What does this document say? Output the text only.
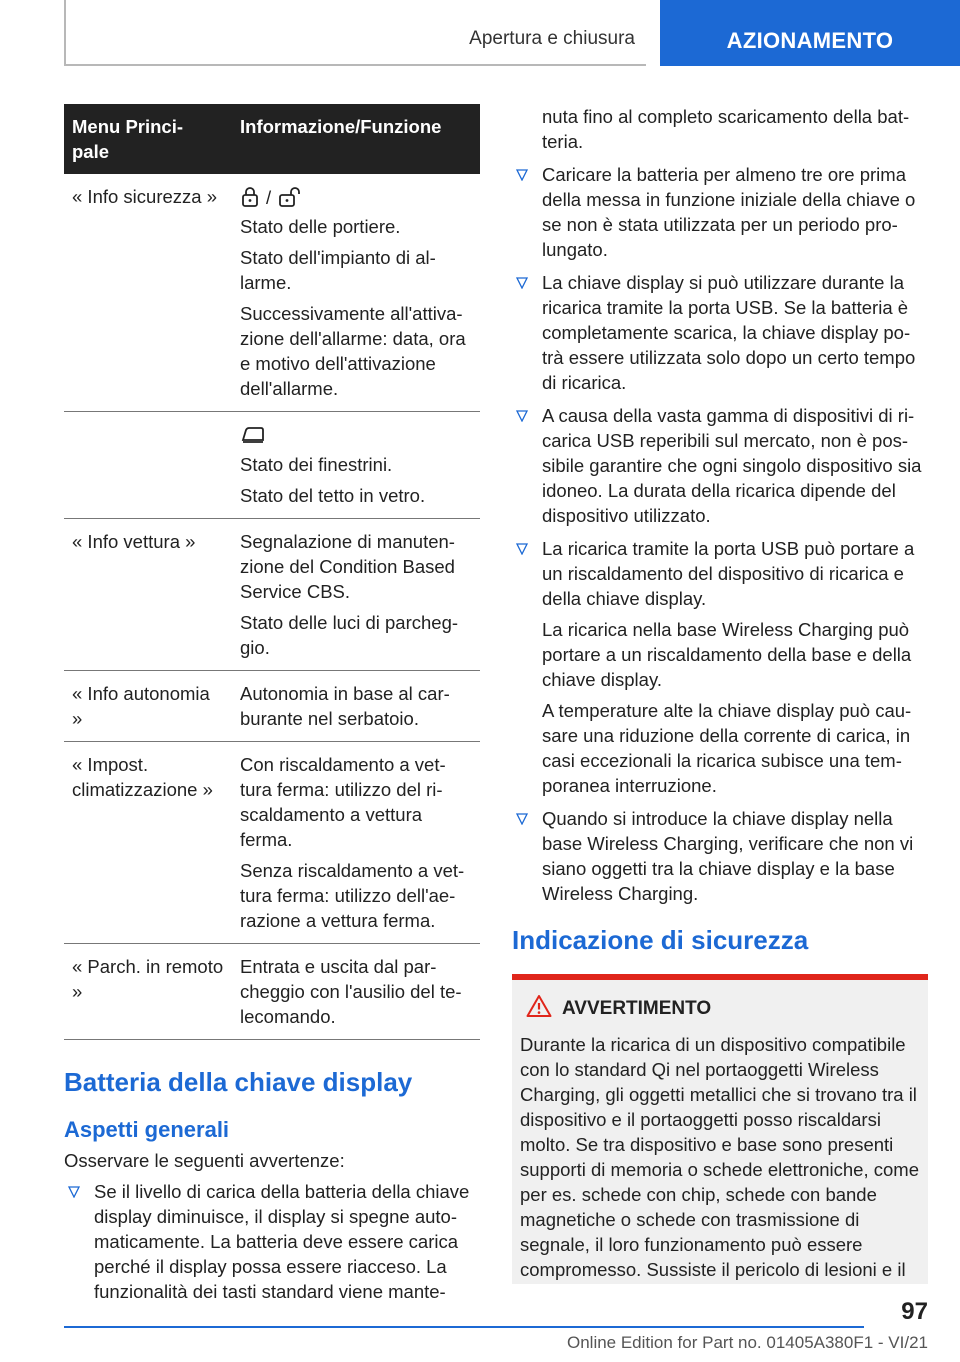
Apertura e chiusura	AZIONAMENTO
Menu Princi-
pale	Informazione/Funzione
« Info sicurezza »	/

Stato delle portiere.

Stato dell'impianto di al-larme.

Successivamente all'attiva-zione dell'allarme: data, ora e motivo dell'attivazione dell'allarme.

	Stato dei finestrini.

Stato del tetto in vetro.

« Info vettura »	Segnalazione di manuten-zione del Condition Based Service CBS.

Stato delle luci di parcheg-gio.

« Info autonomia »	Autonomia in base al car-burante nel serbatoio.

« Impost. climatizzazione »	Con riscaldamento a vet-tura ferma: utilizzo del ri-scaldamento a vettura ferma.

Senza riscaldamento a vet-tura ferma: utilizzo dell'ae-razione a vettura ferma.

« Parch. in remoto »	Entrata e uscita dal par-cheggio con l'ausilio del te-lecomando.

Batteria della chiave display
Aspetti generali

Osservare le seguenti avvertenze:

Se il livello di carica della batteria della chiave display diminuisce, il display si spegne auto-maticamente. La batteria deve essere carica perché il display possa essere riacceso. La funzionalità dei tasti standard viene mante-

nuta fino al completo scaricamento della bat-teria.

Caricare la batteria per almeno tre ore prima della messa in funzione iniziale della chiave o se non è stata utilizzata per un periodo pro-lungato.

La chiave display si può utilizzare durante la ricarica tramite la porta USB. Se la batteria è completamente scarica, la chiave display po-trà essere utilizzata solo dopo un certo tempo di ricarica.

A causa della vasta gamma di dispositivi di ri-carica USB reperibili sul mercato, non è pos-sibile garantire che ogni singolo dispositivo sia idoneo. La durata della ricarica dipende del dispositivo utilizzato.

La ricarica tramite la porta USB può portare a un riscaldamento del dispositivo di ricarica e della chiave display.

La ricarica nella base Wireless Charging può portare a un riscaldamento della base e della chiave display.

A temperature alte la chiave display può cau-sare una riduzione della corrente di carica, in casi eccezionali la ricarica subisce una tem-poranea interruzione.

Quando si introduce la chiave display nella base Wireless Charging, verificare che non vi siano oggetti tra la chiave display e la base Wireless Charging.

Indicazione di sicurezza
AVVERTIMENTO
Durante la ricarica di un dispositivo compatibile con lo standard Qi nel portaoggetti Wireless Charging, gli oggetti metallici che si trovano tra il dispositivo e il portaoggetti posso riscaldarsi molto. Se tra dispositivo e base sono presenti supporti di memoria o schede elettroniche, come per es. schede con chip, schede con bande magnetiche o schede con trasmissione di segnale, il loro funzionamento può essere compromesso. Sussiste il pericolo di lesioni e il
97
Online Edition for Part no. 01405A380F1 - VI/21
